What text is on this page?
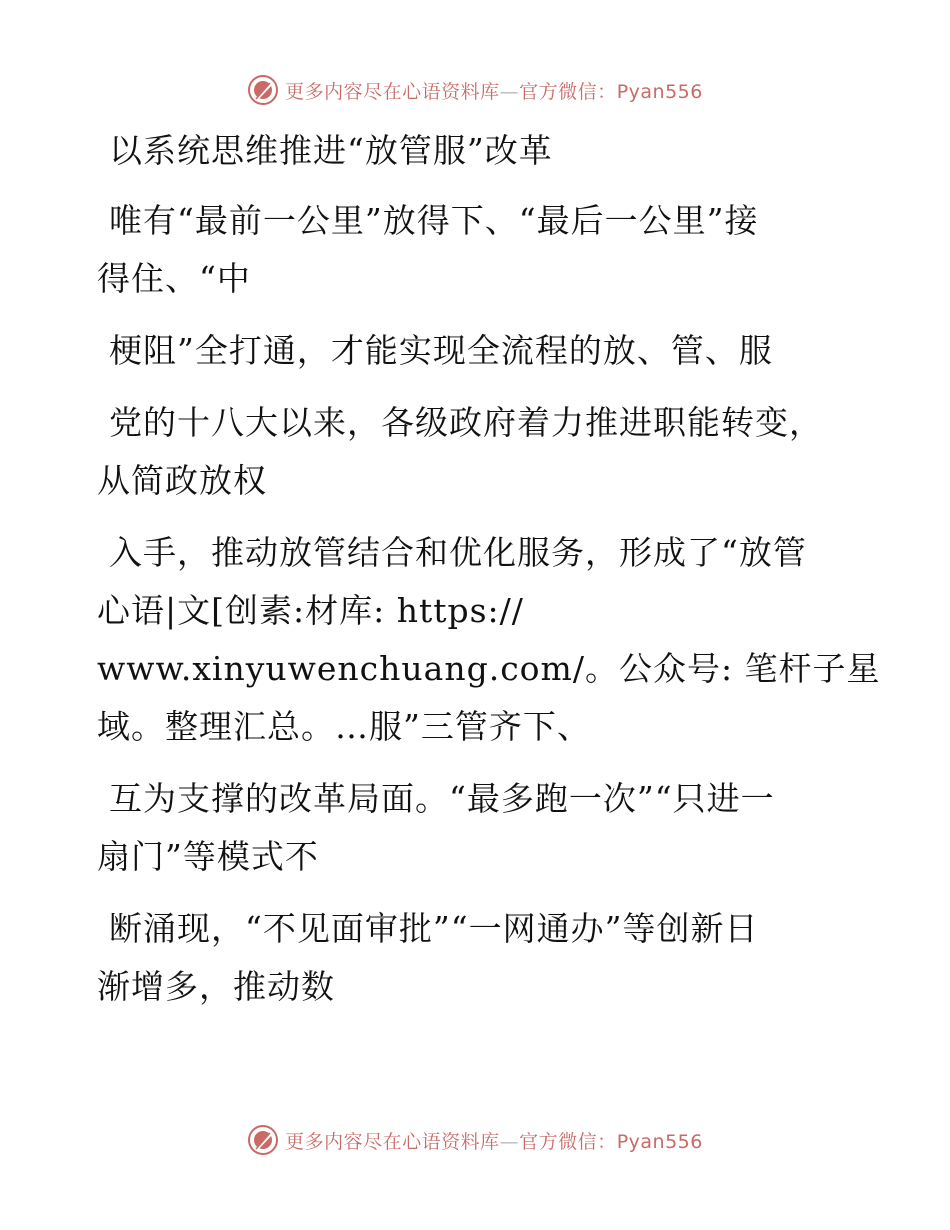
更多内容尽在心语资料库—官方微信：Pyan556
以系统思维推进“放管服”改革
唯有“最前一公里”放得下、“最后一公里”接
得住、“中
梗阻”全打通，才能实现全流程的放、管、服
党的十八大以来，各级政府着力推进职能转变，
从简政放权
入手，推动放管结合和优化服务，形成了“放管
心语|文[创素:材库: https://
www.xinyuwenchuang.com/。公众号: 笔杆子星
域。整理汇总。…服”三管齐下、
互为支撑的改革局面。“最多跑一次”“只进一
扇门”等模式不
断涌现，“不见面审批”“一网通办”等创新日
渐增多，推动数
更多内容尽在心语资料库—官方微信：Pyan556
